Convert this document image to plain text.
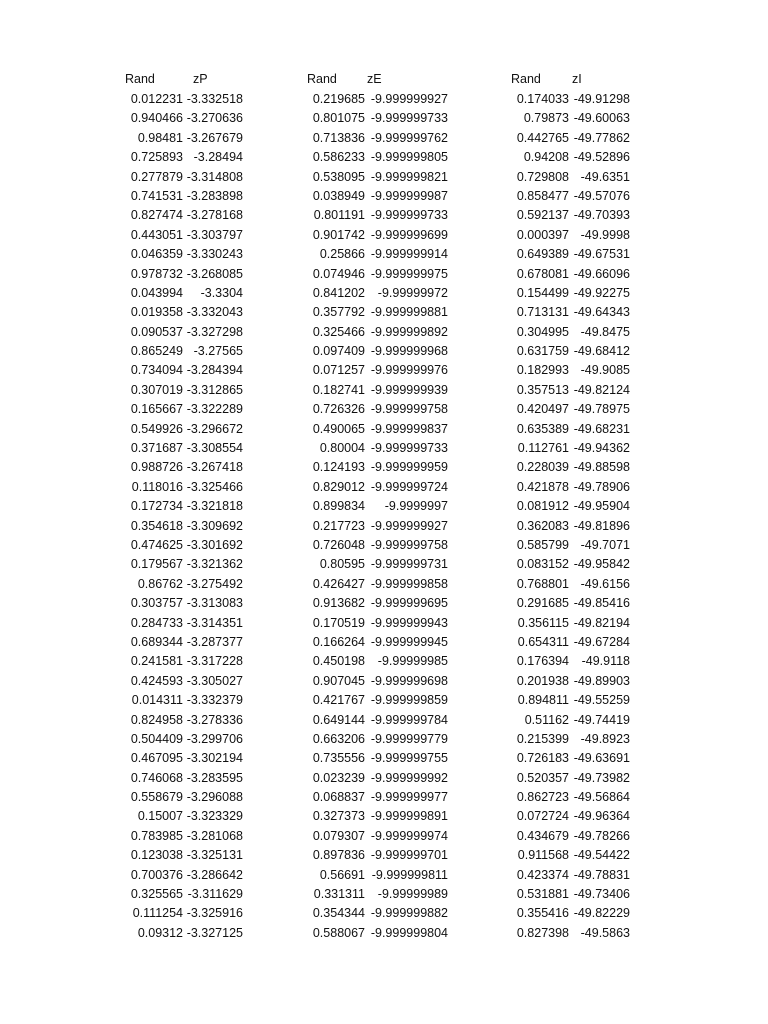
Rand	zP
0.012231 -3.332518
0.940466 -3.270636
0.98481 -3.267679
0.725893 -3.28494
0.277879 -3.314808
0.741531 -3.283898
0.827474 -3.278168
0.443051 -3.303797
0.046359 -3.330243
0.978732 -3.268085
0.043994	-3.3304
0.019358 -3.332043
0.090537 -3.327298
0.865249 -3.27565
0.734094 -3.284394
0.307019 -3.312865
0.165667 -3.322289
0.549926 -3.296672
0.371687 -3.308554
0.988726 -3.267418
0.118016 -3.325466
0.172734 -3.321818
0.354618 -3.309692
0.474625 -3.301692
0.179567 -3.321362
0.86762 -3.275492
0.303757 -3.313083
0.284733 -3.314351
0.689344 -3.287377
0.241581 -3.317228
0.424593 -3.305027
0.014311 -3.332379
0.824958 -3.278336
0.504409 -3.299706
0.467095 -3.302194
0.746068 -3.283595
0.558679 -3.296088
0.15007 -3.323329
0.783985 -3.281068
0.123038 -3.325131
0.700376 -3.286642
0.325565 -3.311629
0.111254 -3.325916
0.09312 -3.327125
Rand	zE
0.219685 -9.999999927
0.801075 -9.999999733
0.713836 -9.999999762
0.586233 -9.999999805
0.538095 -9.999999821
0.038949 -9.999999987
0.801191 -9.999999733
0.901742 -9.999999699
0.25866 -9.999999914
0.074946 -9.999999975
0.841202	-9.99999972
0.357792 -9.999999881
0.325466 -9.999999892
0.097409 -9.999999968
0.071257 -9.999999976
0.182741 -9.999999939
0.726326 -9.999999758
0.490065 -9.999999837
0.80004 -9.999999733
0.124193 -9.999999959
0.829012 -9.999999724
0.899834	-9.9999997
0.217723 -9.999999927
0.726048 -9.999999758
0.80595 -9.999999731
0.426427 -9.999999858
0.913682 -9.999999695
0.170519 -9.999999943
0.166264 -9.999999945
0.450198	-9.99999985
0.907045 -9.999999698
0.421767 -9.999999859
0.649144 -9.999999784
0.663206 -9.999999779
0.735556 -9.999999755
0.023239 -9.999999992
0.068837 -9.999999977
0.327373 -9.999999891
0.079307 -9.999999974
0.897836 -9.999999701
0.56691 -9.999999811
0.331311	-9.99999989
0.354344 -9.999999882
0.588067 -9.999999804
Rand	zI
0.174033 -49.91298
0.79873 -49.60063
0.442765 -49.77862
0.94208 -49.52896
0.729808 -49.6351
0.858477 -49.57076
0.592137 -49.70393
0.000397 -49.9998
0.649389 -49.67531
0.678081 -49.66096
0.154499 -49.92275
0.713131 -49.64343
0.304995 -49.8475
0.631759 -49.68412
0.182993 -49.9085
0.357513 -49.82124
0.420497 -49.78975
0.635389 -49.68231
0.112761 -49.94362
0.228039 -49.88598
0.421878 -49.78906
0.081912 -49.95904
0.362083 -49.81896
0.585799 -49.7071
0.083152 -49.95842
0.768801 -49.6156
0.291685 -49.85416
0.356115 -49.82194
0.654311 -49.67284
0.176394	-49.9118
0.201938 -49.89903
0.894811 -49.55259
0.51162 -49.74419
0.215399 -49.8923
0.726183 -49.63691
0.520357 -49.73982
0.862723 -49.56864
0.072724 -49.96364
0.434679 -49.78266
0.911568 -49.54422
0.423374 -49.78831
0.531881 -49.73406
0.355416 -49.82229
0.827398 -49.5863
